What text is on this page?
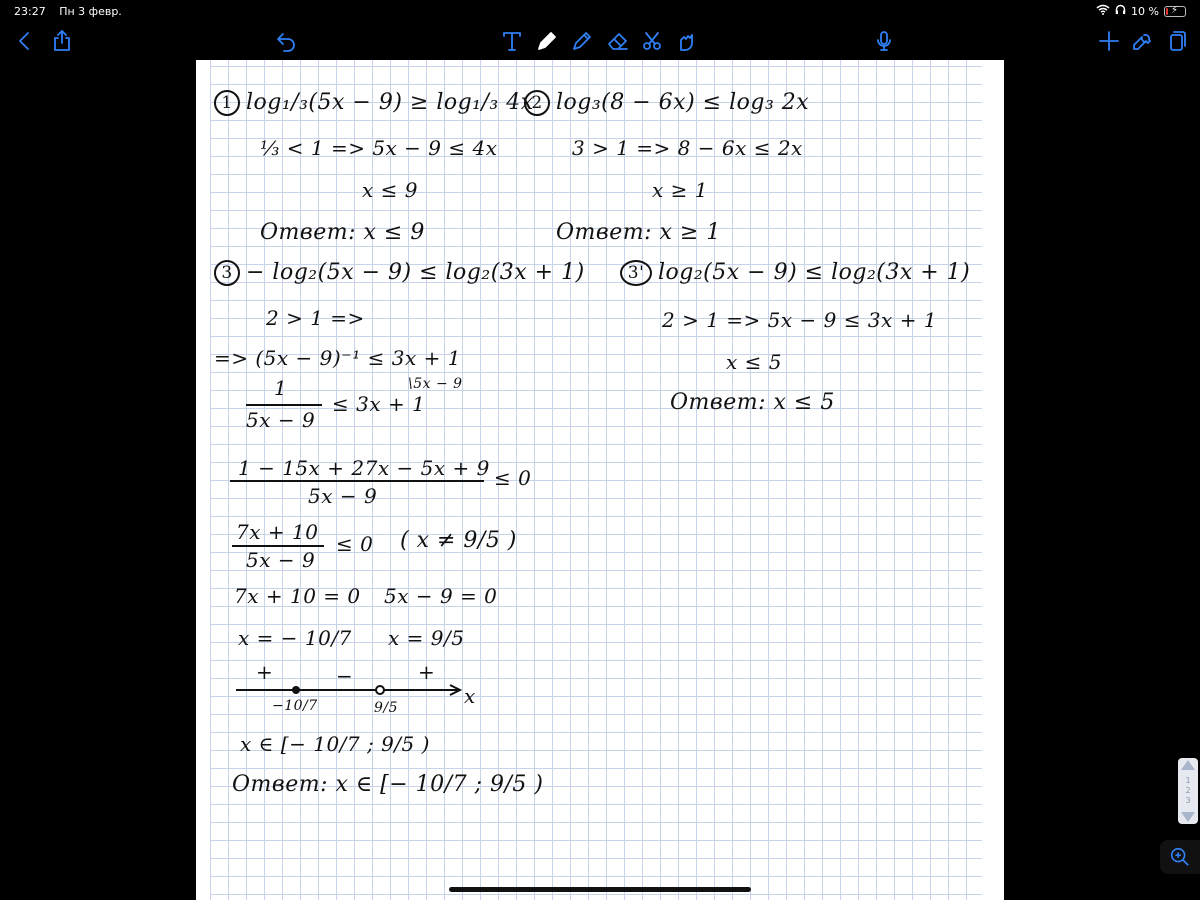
23:27 Пн 3 февр.	10 % ⚡
1 log₁/₃(5x − 9) ≥ log₁/₃ 4x
⅓ < 1 => 5x − 9 ≤ 4x
x ≤ 9
Ответ: x ≤ 9
2 log₃(8 − 6x) ≤ log₃ 2x
3 > 1 => 8 − 6x ≤ 2x
x ≥ 1
Ответ: x ≥ 1
3 − log₂(5x − 9) ≤ log₂(3x + 1)
2 > 1 =>
=> (5x − 9)⁻¹ ≤ 3x + 1
1
5x − 9
≤ 3x + 1
\5x − 9
1 − 15x + 27x − 5x + 9
5x − 9
≤ 0
7x + 10
5x − 9
≤ 0 ( x ≠ 9/5 )
7x + 10 = 0 5x − 9 = 0
x = − 10/7 x = 9/5
+	−	+
x
−10/7	9/5
x ∈ [− 10/7 ; 9/5 )
Ответ: x ∈ [− 10/7 ; 9/5 )
3' log₂(5x − 9) ≤ log₂(3x + 1)
2 > 1 => 5x − 9 ≤ 3x + 1
x ≤ 5
Ответ: x ≤ 5
1
2
3
